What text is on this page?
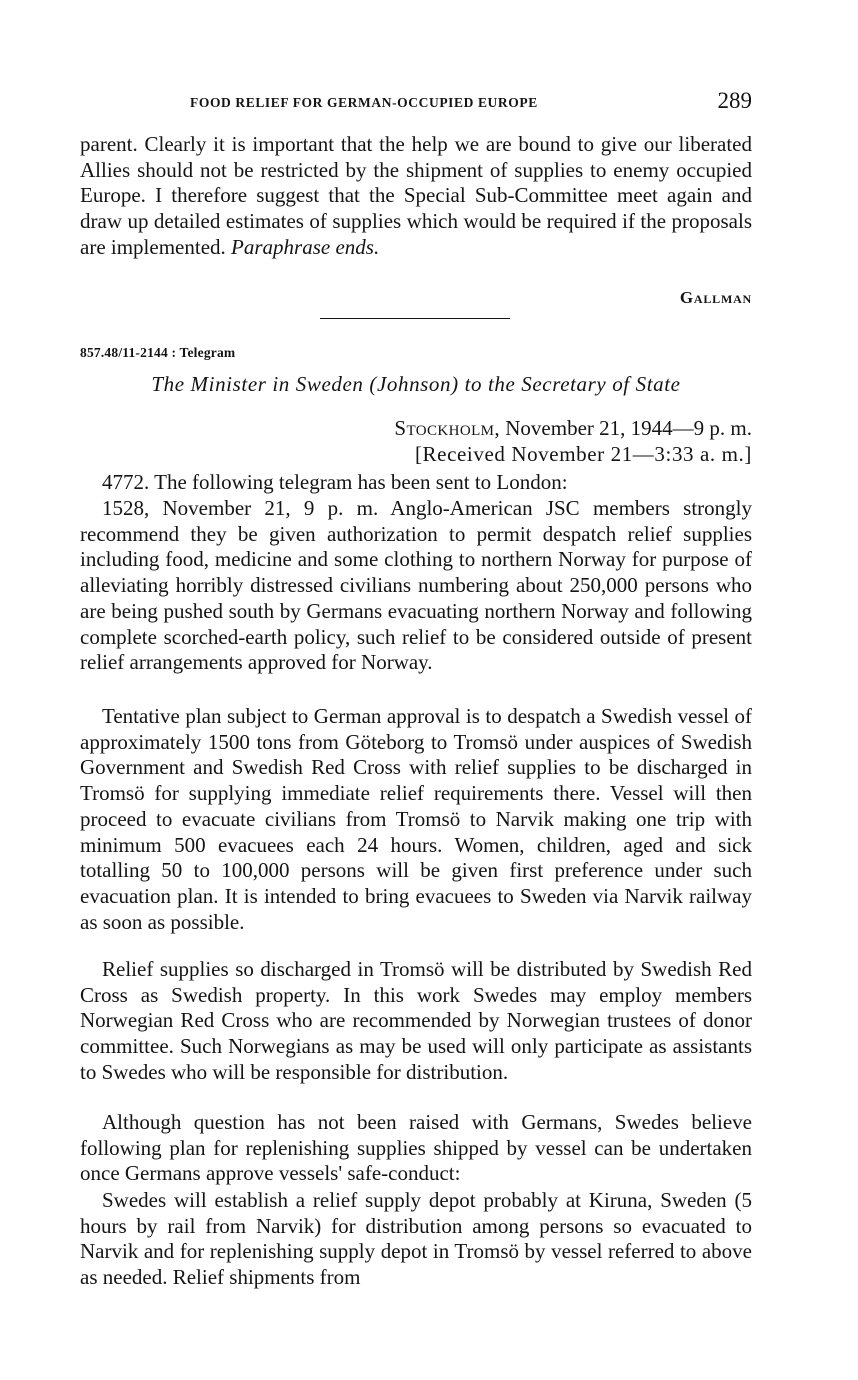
FOOD RELIEF FOR GERMAN-OCCUPIED EUROPE	289

parent. Clearly it is important that the help we are bound to give our liberated Allies should not be restricted by the shipment of supplies to enemy occupied Europe. I therefore suggest that the Special Sub-Committee meet again and draw up detailed estimates of supplies which would be required if the proposals are implemented. Paraphrase ends.

Gallman
857.48/11-2144 : Telegram
The Minister in Sweden (Johnson) to the Secretary of State
Stockholm, November 21, 1944—9 p. m.
[Received November 21—3:33 a. m.]

4772. The following telegram has been sent to London:

1528, November 21, 9 p. m. Anglo-American JSC members strongly recommend they be given authorization to permit despatch relief supplies including food, medicine and some clothing to northern Norway for purpose of alleviating horribly distressed civilians numbering about 250,000 persons who are being pushed south by Germans evacuating northern Norway and following complete scorched-earth policy, such relief to be considered outside of present relief arrangements approved for Norway.

Tentative plan subject to German approval is to despatch a Swedish vessel of approximately 1500 tons from Göteborg to Tromsö under auspices of Swedish Government and Swedish Red Cross with relief supplies to be discharged in Tromsö for supplying immediate relief requirements there. Vessel will then proceed to evacuate civilians from Tromsö to Narvik making one trip with minimum 500 evacuees each 24 hours. Women, children, aged and sick totalling 50 to 100,000 persons will be given first preference under such evacuation plan. It is intended to bring evacuees to Sweden via Narvik railway as soon as possible.

Relief supplies so discharged in Tromsö will be distributed by Swedish Red Cross as Swedish property. In this work Swedes may employ members Norwegian Red Cross who are recommended by Norwegian trustees of donor committee. Such Norwegians as may be used will only participate as assistants to Swedes who will be responsible for distribution.

Although question has not been raised with Germans, Swedes believe following plan for replenishing supplies shipped by vessel can be undertaken once Germans approve vessels' safe-conduct:

Swedes will establish a relief supply depot probably at Kiruna, Sweden (5 hours by rail from Narvik) for distribution among persons so evacuated to Narvik and for replenishing supply depot in Tromsö by vessel referred to above as needed. Relief shipments from
